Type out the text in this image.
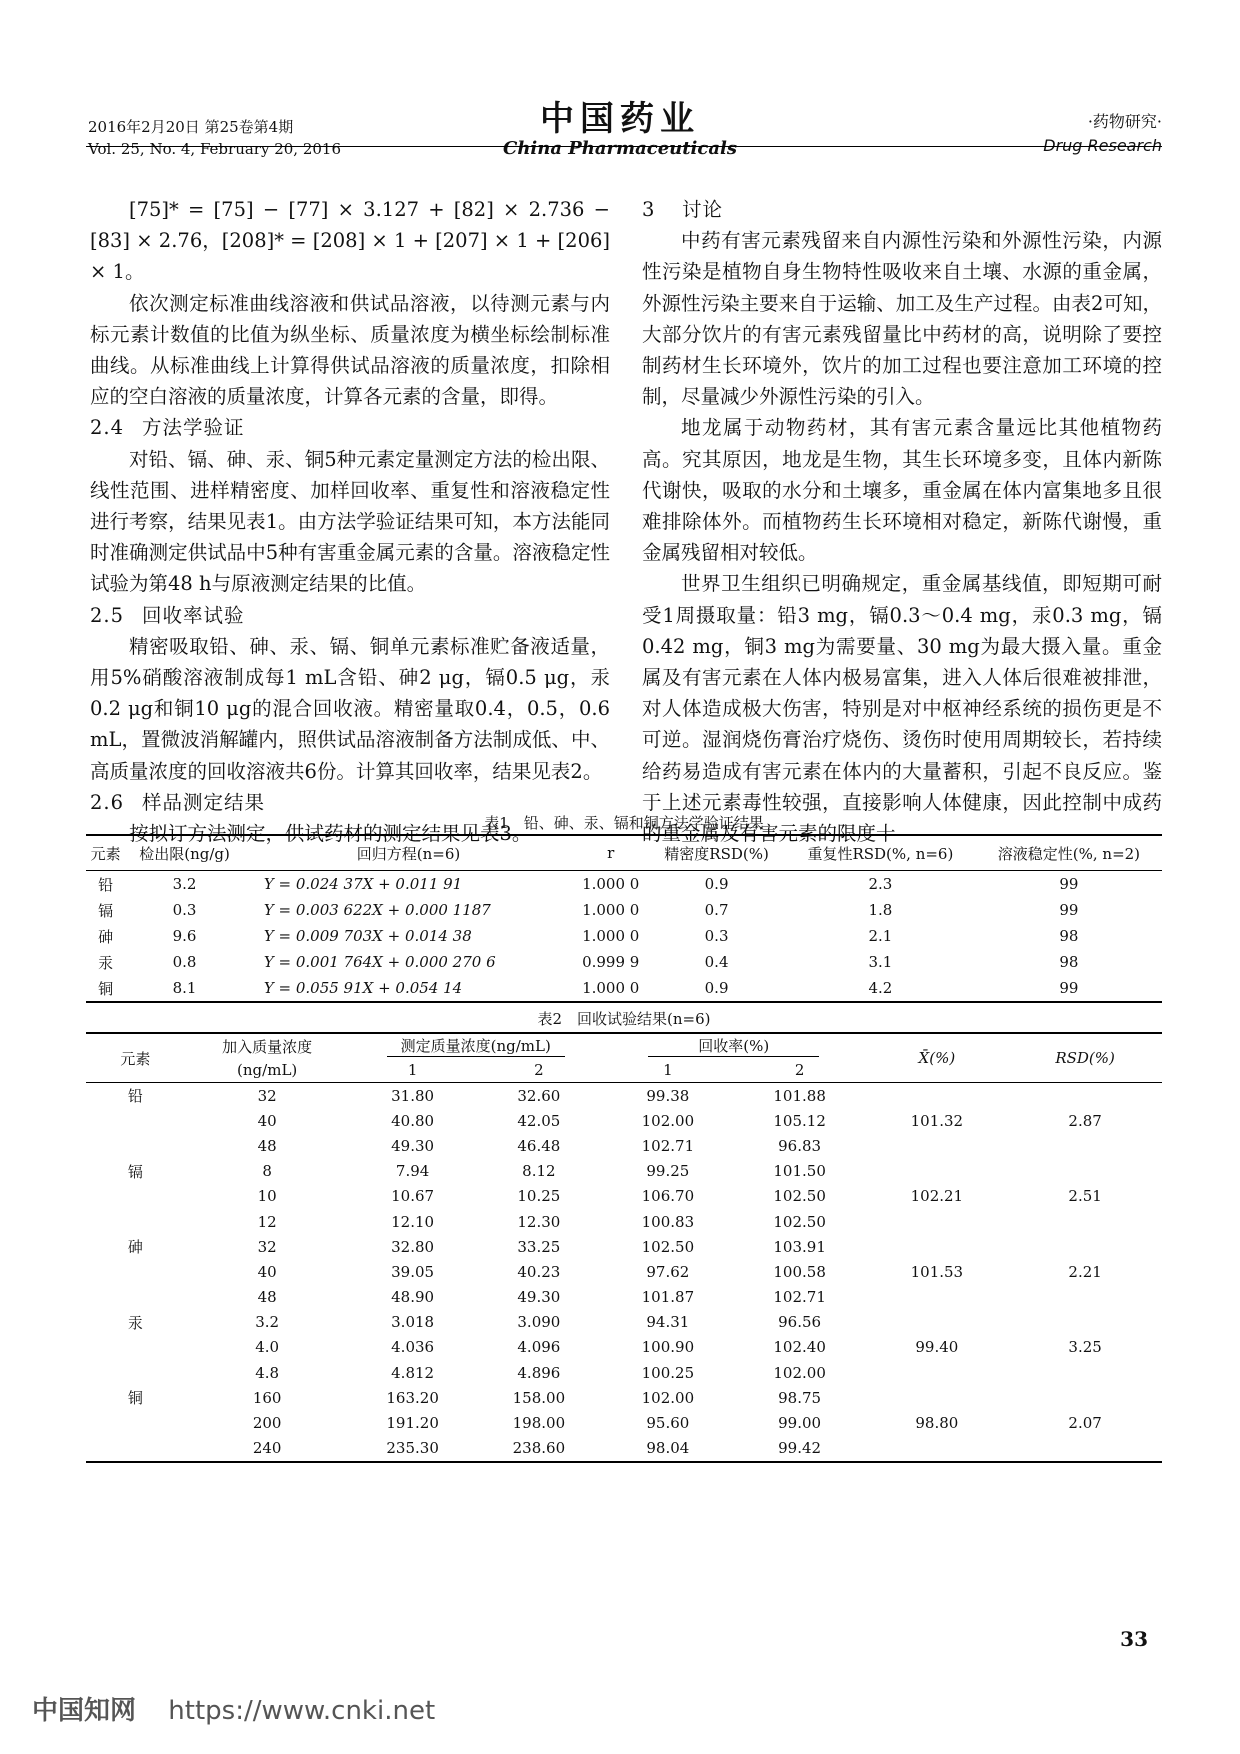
2016年2月20日 第25卷第4期
Vol. 25, No. 4, February 20, 2016
中国药业
China Pharmaceuticals
·药物研究·
Drug Research

[75]* = [75] − [77] × 3.127 + [82] × 2.736 − [83] × 2.76，[208]* = [208] × 1 + [207] × 1 + [206] × 1。

依次测定标准曲线溶液和供试品溶液，以待测元素与内标元素计数值的比值为纵坐标、质量浓度为横坐标绘制标准曲线。从标准曲线上计算得供试品溶液的质量浓度，扣除相应的空白溶液的质量浓度，计算各元素的含量，即得。

2.4 方法学验证

对铅、镉、砷、汞、铜5种元素定量测定方法的检出限、线性范围、进样精密度、加样回收率、重复性和溶液稳定性进行考察，结果见表1。由方法学验证结果可知，本方法能同时准确测定供试品中5种有害重金属元素的含量。溶液稳定性试验为第48 h与原液测定结果的比值。

2.5 回收率试验

精密吸取铅、砷、汞、镉、铜单元素标准贮备液适量，用5%硝酸溶液制成每1 mL含铅、砷2 μg，镉0.5 μg，汞0.2 μg和铜10 μg的混合回收液。精密量取0.4，0.5，0.6 mL，置微波消解罐内，照供试品溶液制备方法制成低、中、高质量浓度的回收溶液共6份。计算其回收率，结果见表2。

2.6 样品测定结果

按拟订方法测定，供试药材的测定结果见表3。

3 讨论

中药有害元素残留来自内源性污染和外源性污染，内源性污染是植物自身生物特性吸收来自土壤、水源的重金属，外源性污染主要来自于运输、加工及生产过程。由表2可知，大部分饮片的有害元素残留量比中药材的高，说明除了要控制药材生长环境外，饮片的加工过程也要注意加工环境的控制，尽量减少外源性污染的引入。

地龙属于动物药材，其有害元素含量远比其他植物药高。究其原因，地龙是生物，其生长环境多变，且体内新陈代谢快，吸取的水分和土壤多，重金属在体内富集地多且很难排除体外。而植物药生长环境相对稳定，新陈代谢慢，重金属残留相对较低。

世界卫生组织已明确规定，重金属基线值，即短期可耐受1周摄取量：铅3 mg，镉0.3～0.4 mg，汞0.3 mg，镉0.42 mg，铜3 mg为需要量、30 mg为最大摄入量。重金属及有害元素在人体内极易富集，进入人体后很难被排泄，对人体造成极大伤害，特别是对中枢神经系统的损伤更是不可逆。湿润烧伤膏治疗烧伤、烫伤时使用周期较长，若持续给药易造成有害元素在体内的大量蓄积，引起不良反应。鉴于上述元素毒性较强，直接影响人体健康，因此控制中成药的重金属及有害元素的限度十

表1　铅、砷、汞、镉和铜方法学验证结果
元素	检出限(ng/g)	回归方程(n=6)	r	精密度RSD(%)	重复性RSD(%, n=6)	溶液稳定性(%, n=2)
铅	3.2	Y = 0.024 37X + 0.011 91	1.000 0	0.9	2.3	99
镉	0.3	Y = 0.003 622X + 0.000 1187	1.000 0	0.7	1.8	99
砷	9.6	Y = 0.009 703X + 0.014 38	1.000 0	0.3	2.1	98
汞	0.8	Y = 0.001 764X + 0.000 270 6	0.999 9	0.4	3.1	98
铜	8.1	Y = 0.055 91X + 0.054 14	1.000 0	0.9	4.2	99
表2　回收试验结果(n=6)
元素	加入质量浓度	测定质量浓度(ng/mL)		回收率(%)		X̄(%)	RSD(%)
	(ng/mL)	1	2	1	2		
铅	32	31.80	32.60	99.38	101.88		
	40	40.80	42.05	102.00	105.12	101.32	2.87
	48	49.30	46.48	102.71	96.83		
镉	8	7.94	8.12	99.25	101.50		
	10	10.67	10.25	106.70	102.50	102.21	2.51
	12	12.10	12.30	100.83	102.50		
砷	32	32.80	33.25	102.50	103.91		
	40	39.05	40.23	97.62	100.58	101.53	2.21
	48	48.90	49.30	101.87	102.71		
汞	3.2	3.018	3.090	94.31	96.56		
	4.0	4.036	4.096	100.90	102.40	99.40	3.25
	4.8	4.812	4.896	100.25	102.00		
铜	160	163.20	158.00	102.00	98.75		
	200	191.20	198.00	95.60	99.00	98.80	2.07
	240	235.30	238.60	98.04	99.42		
33
中国知网 https://www.cnki.net
